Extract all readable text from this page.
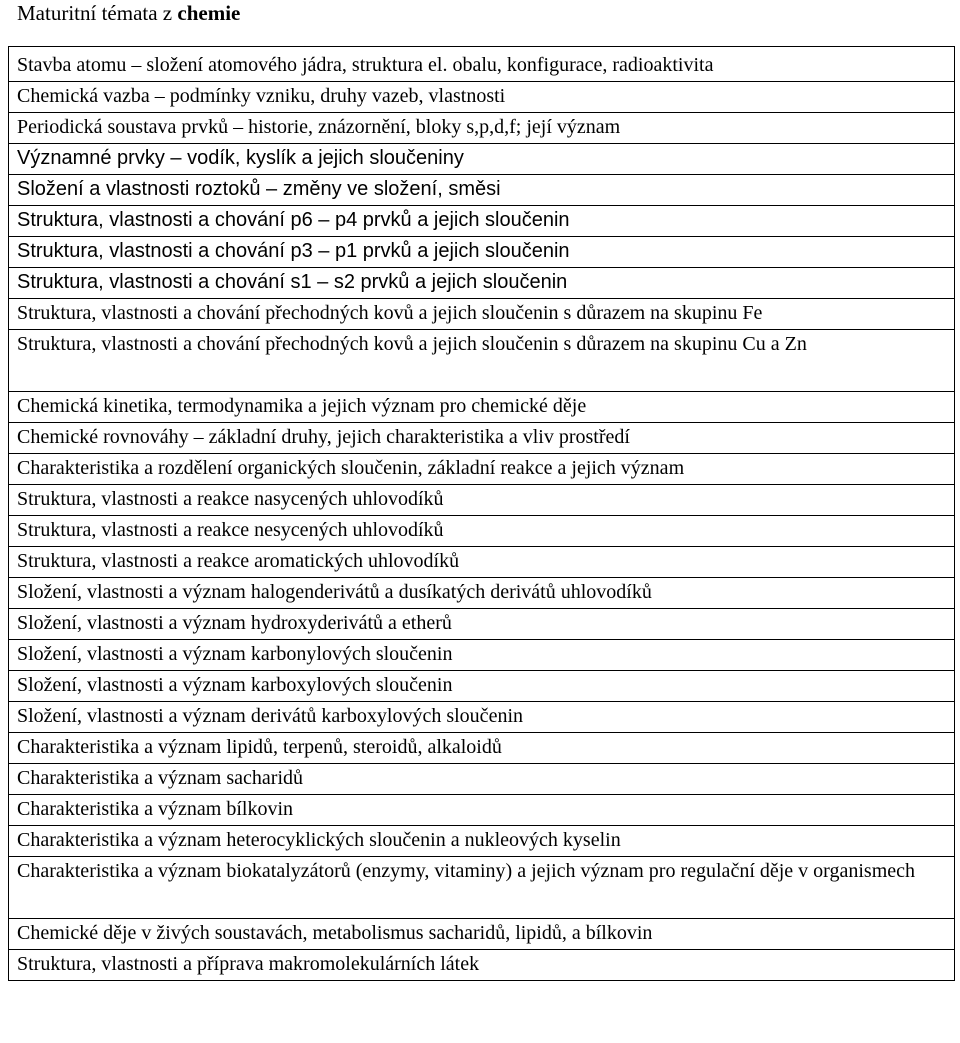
Maturitní témata z chemie
Stavba atomu – složení atomového jádra, struktura el. obalu, konfigurace, radioaktivita
Chemická vazba – podmínky vzniku, druhy vazeb, vlastnosti
Periodická soustava prvků – historie, znázornění, bloky s,p,d,f; její význam
Významné prvky – vodík, kyslík a jejich sloučeniny
Složení a vlastnosti roztoků – změny ve složení, směsi
Struktura, vlastnosti a chování p6 – p4 prvků a jejich sloučenin
Struktura, vlastnosti a chování p3 – p1 prvků a jejich sloučenin
Struktura, vlastnosti a chování s1 – s2 prvků a jejich sloučenin
Struktura, vlastnosti a chování přechodných kovů a jejich sloučenin s důrazem na skupinu Fe
Struktura, vlastnosti a chování přechodných kovů a jejich sloučenin s důrazem na skupinu Cu a Zn
Chemická kinetika, termodynamika a jejich význam pro chemické děje
Chemické rovnováhy – základní druhy, jejich charakteristika a vliv prostředí
Charakteristika a rozdělení organických sloučenin, základní reakce a jejich význam
Struktura, vlastnosti a reakce nasycených uhlovodíků
Struktura, vlastnosti a reakce nesycených uhlovodíků
Struktura, vlastnosti a reakce aromatických uhlovodíků
Složení, vlastnosti a význam halogenderivátů a dusíkatých derivátů uhlovodíků
Složení, vlastnosti a význam hydroxyderivátů a etherů
Složení, vlastnosti a význam karbonylových sloučenin
Složení, vlastnosti a význam karboxylových sloučenin
Složení, vlastnosti a význam derivátů karboxylových sloučenin
Charakteristika a význam lipidů, terpenů, steroidů, alkaloidů
Charakteristika a význam sacharidů
Charakteristika a význam bílkovin
Charakteristika a význam heterocyklických sloučenin a nukleových kyselin
Charakteristika a význam biokatalyzátorů (enzymy, vitaminy) a jejich význam pro regulační děje v organismech
Chemické děje v živých soustavách, metabolismus sacharidů, lipidů, a bílkovin
Struktura, vlastnosti a příprava makromolekulárních látek
